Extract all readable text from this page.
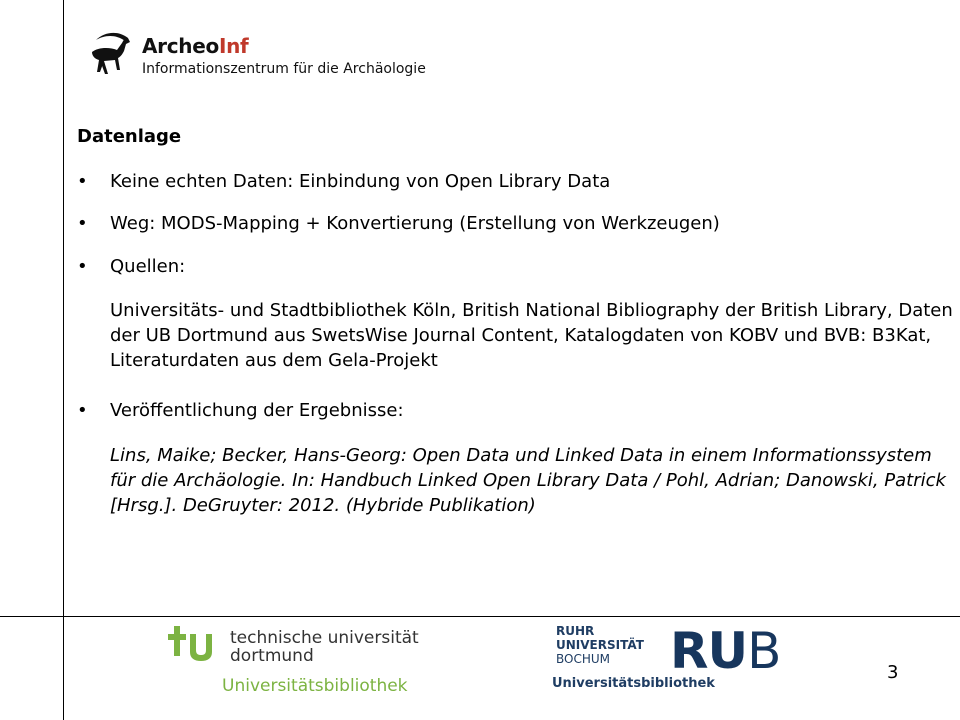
ArcheoInf
Informationszentrum für die Archäologie
Datenlage
• Keine echten Daten: Einbindung von Open Library Data
• Weg: MODS-Mapping + Konvertierung (Erstellung von Werkzeugen)
• Quellen:
Universitäts- und Stadtbibliothek Köln, British National Bibliography der British Library, Daten der UB Dortmund aus SwetsWise Journal Content, Katalogdaten von KOBV und BVB: B3Kat, Literaturdaten aus dem Gela-Projekt
• Veröffentlichung der Ergebnisse:
Lins, Maike; Becker, Hans-Georg: Open Data und Linked Data in einem Informationssystem für die Archäologie. In: Handbuch Linked Open Library Data / Pohl, Adrian; Danowski, Patrick [Hrsg.]. DeGruyter: 2012. (Hybride Publikation)
technische universität
dortmund
Universitätsbibliothek
RUHR
UNIVERSITÄT
BOCHUM RUB
Universitätsbibliothek
3
